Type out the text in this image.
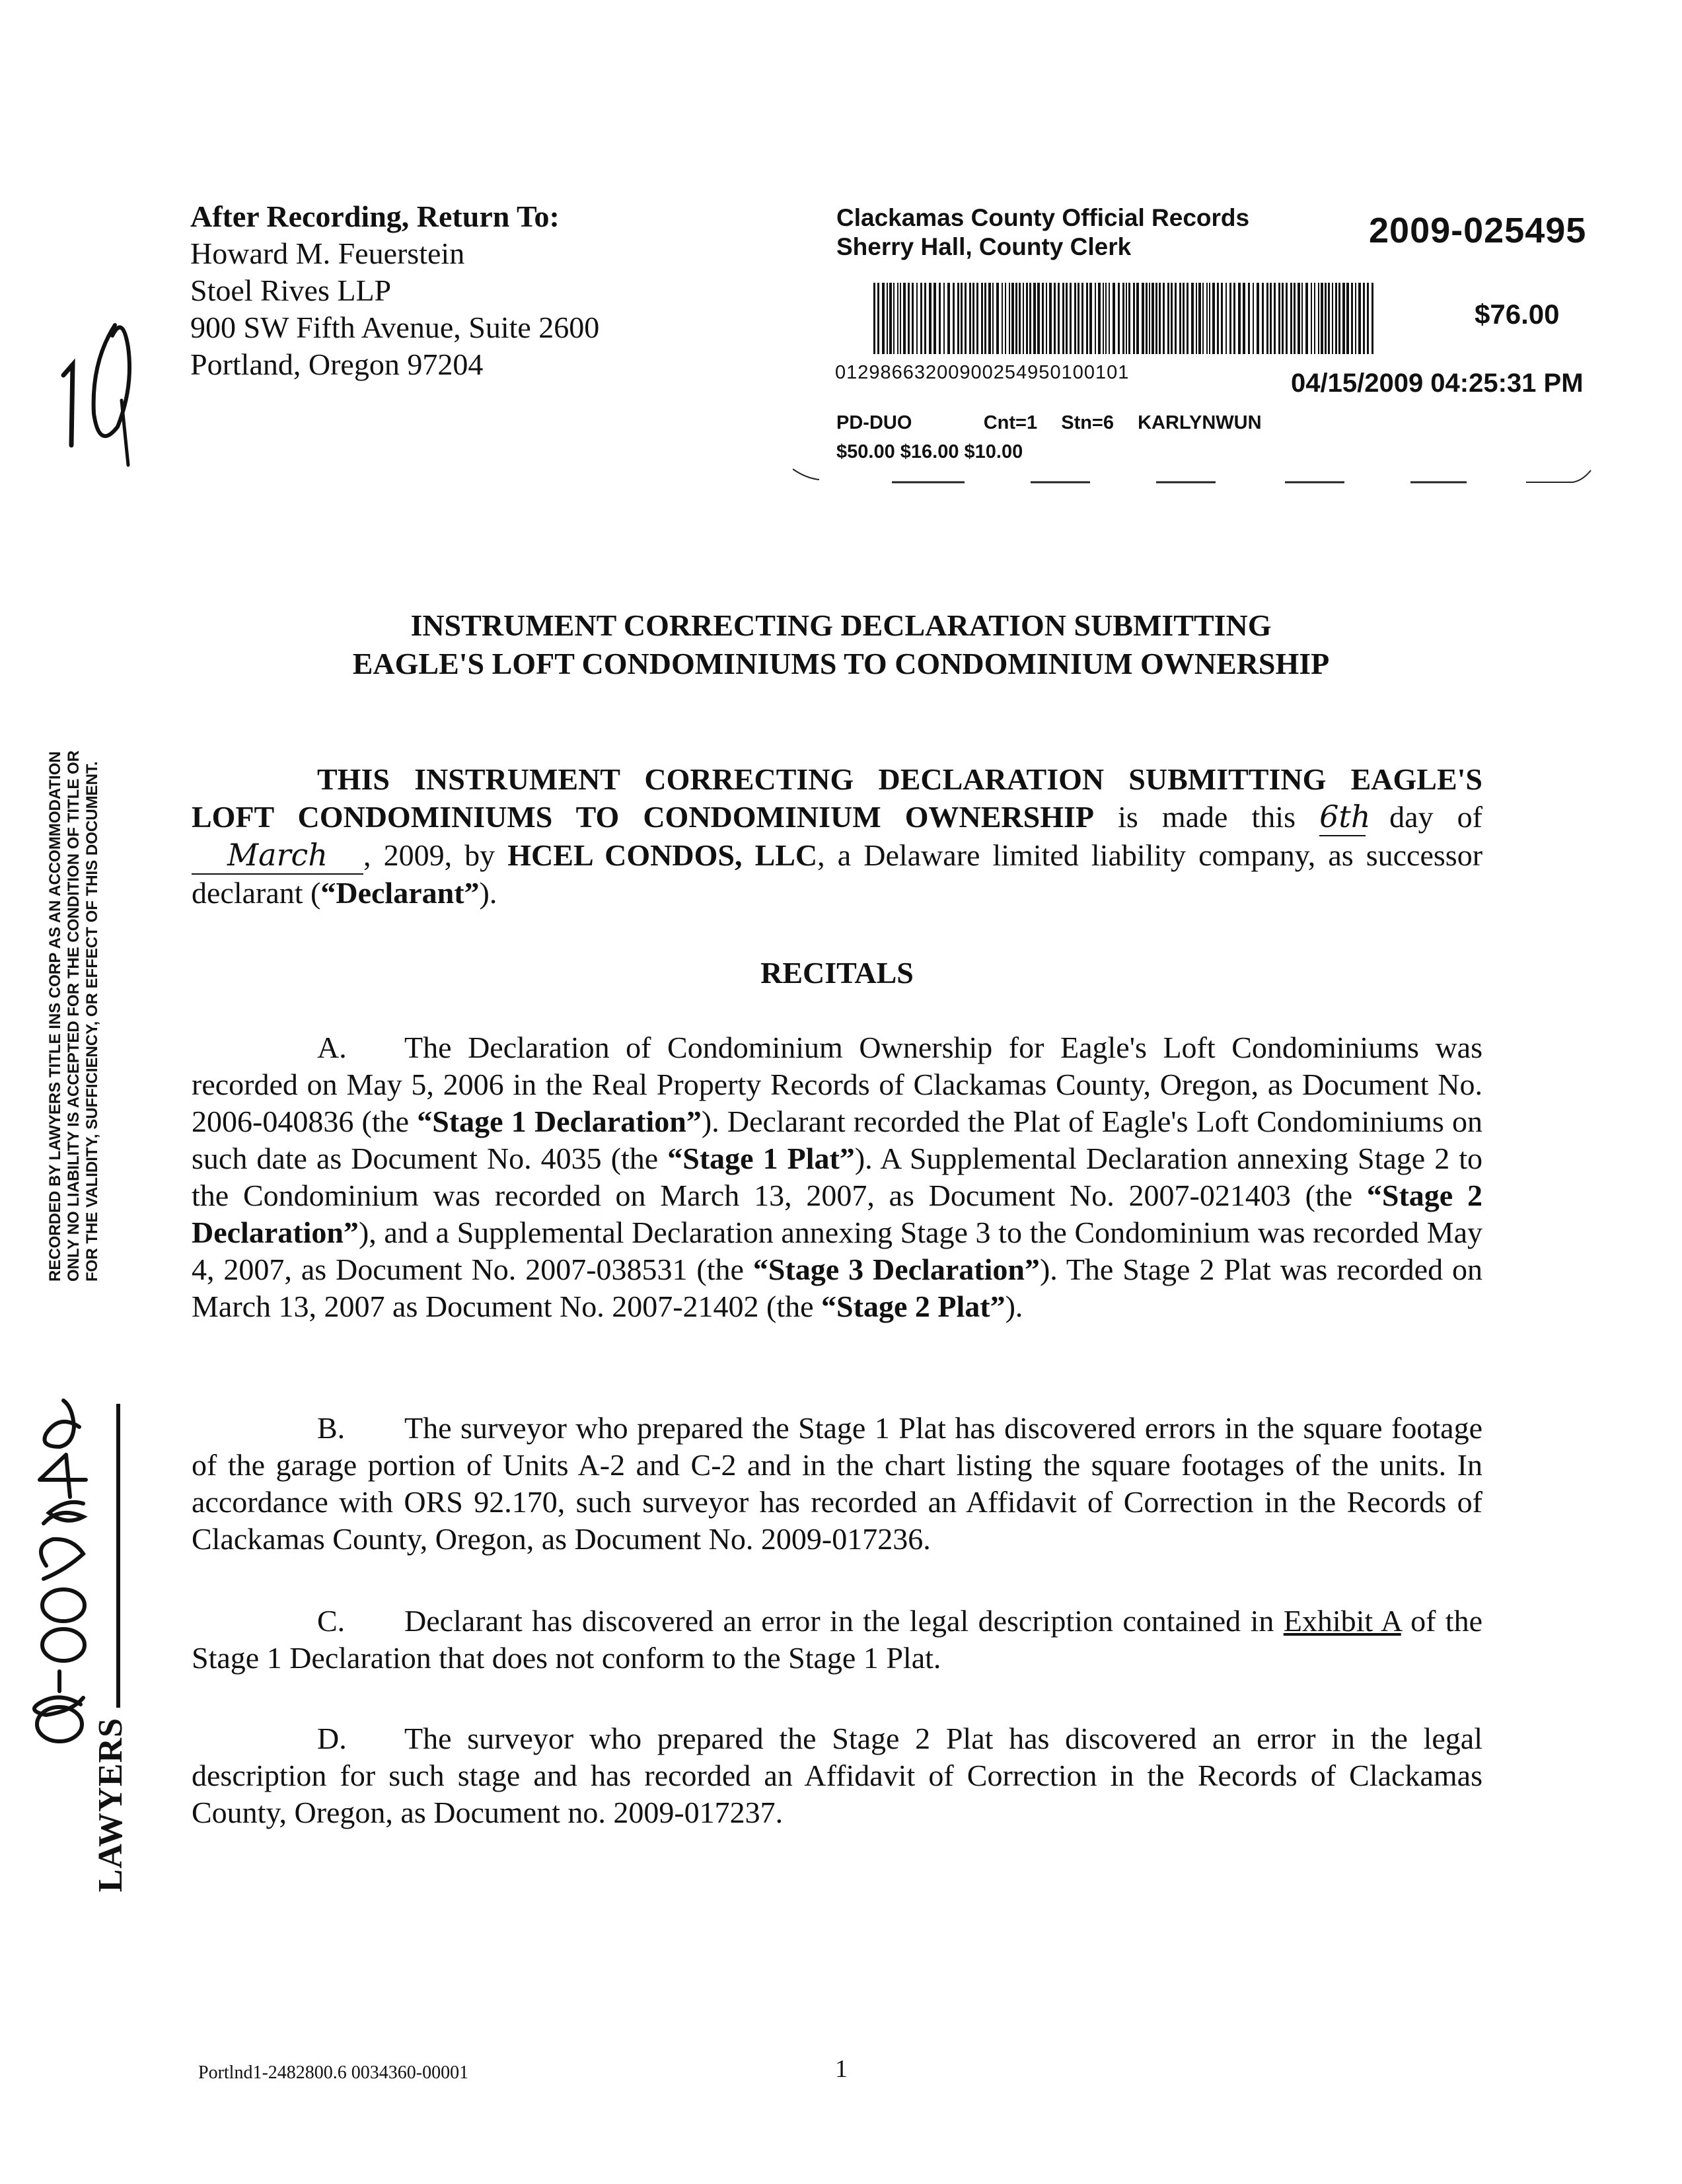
After Recording, Return To:
Howard M. Feuerstein
Stoel Rives LLP
900 SW Fifth Avenue, Suite 2600
Portland, Oregon 97204
Clackamas County Official Records
Sherry Hall, County Clerk	2009-025495
$76.00
01298663200900254950100101	04/15/2009 04:25:31 PM
PD-DUO      Cnt=1  Stn=6  KARLYNWUN
$50.00 $16.00 $10.00
RECORDED BY LAWYERS TITLE INS CORP AS AN ACCOMMODATION
ONLY NO LIABILITY IS ACCEPTED FOR THE CONDITION OF TITLE OR
FOR THE VALIDITY, SUFFICIENCY, OR EFFECT OF THIS DOCUMENT.
LAWYERS
INSTRUMENT CORRECTING DECLARATION SUBMITTING
EAGLE'S LOFT CONDOMINIUMS TO CONDOMINIUM OWNERSHIP
THIS INSTRUMENT CORRECTING DECLARATION SUBMITTING EAGLE'S LOFT CONDOMINIUMS TO CONDOMINIUM OWNERSHIP is made this 6th day of March , 2009, by HCEL CONDOS, LLC, a Delaware limited liability company, as successor declarant (“Declarant”).
RECITALS
A. The Declaration of Condominium Ownership for Eagle's Loft Condominiums was recorded on May 5, 2006 in the Real Property Records of Clackamas County, Oregon, as Document No. 2006-040836 (the “Stage 1 Declaration”). Declarant recorded the Plat of Eagle's Loft Condominiums on such date as Document No. 4035 (the “Stage 1 Plat”). A Supplemental Declaration annexing Stage 2 to the Condominium was recorded on March 13, 2007, as Document No. 2007-021403 (the “Stage 2 Declaration”), and a Supplemental Declaration annexing Stage 3 to the Condominium was recorded May 4, 2007, as Document No. 2007-038531 (the “Stage 3 Declaration”). The Stage 2 Plat was recorded on March 13, 2007 as Document No. 2007-21402 (the “Stage 2 Plat”).
B. The surveyor who prepared the Stage 1 Plat has discovered errors in the square footage of the garage portion of Units A-2 and C-2 and in the chart listing the square footages of the units. In accordance with ORS 92.170, such surveyor has recorded an Affidavit of Correction in the Records of Clackamas County, Oregon, as Document No. 2009-017236.
C. Declarant has discovered an error in the legal description contained in Exhibit A of the Stage 1 Declaration that does not conform to the Stage 1 Plat.
D. The surveyor who prepared the Stage 2 Plat has discovered an error in the legal description for such stage and has recorded an Affidavit of Correction in the Records of Clackamas County, Oregon, as Document no. 2009-017237.
Portlnd1-2482800.6 0034360-00001	1
